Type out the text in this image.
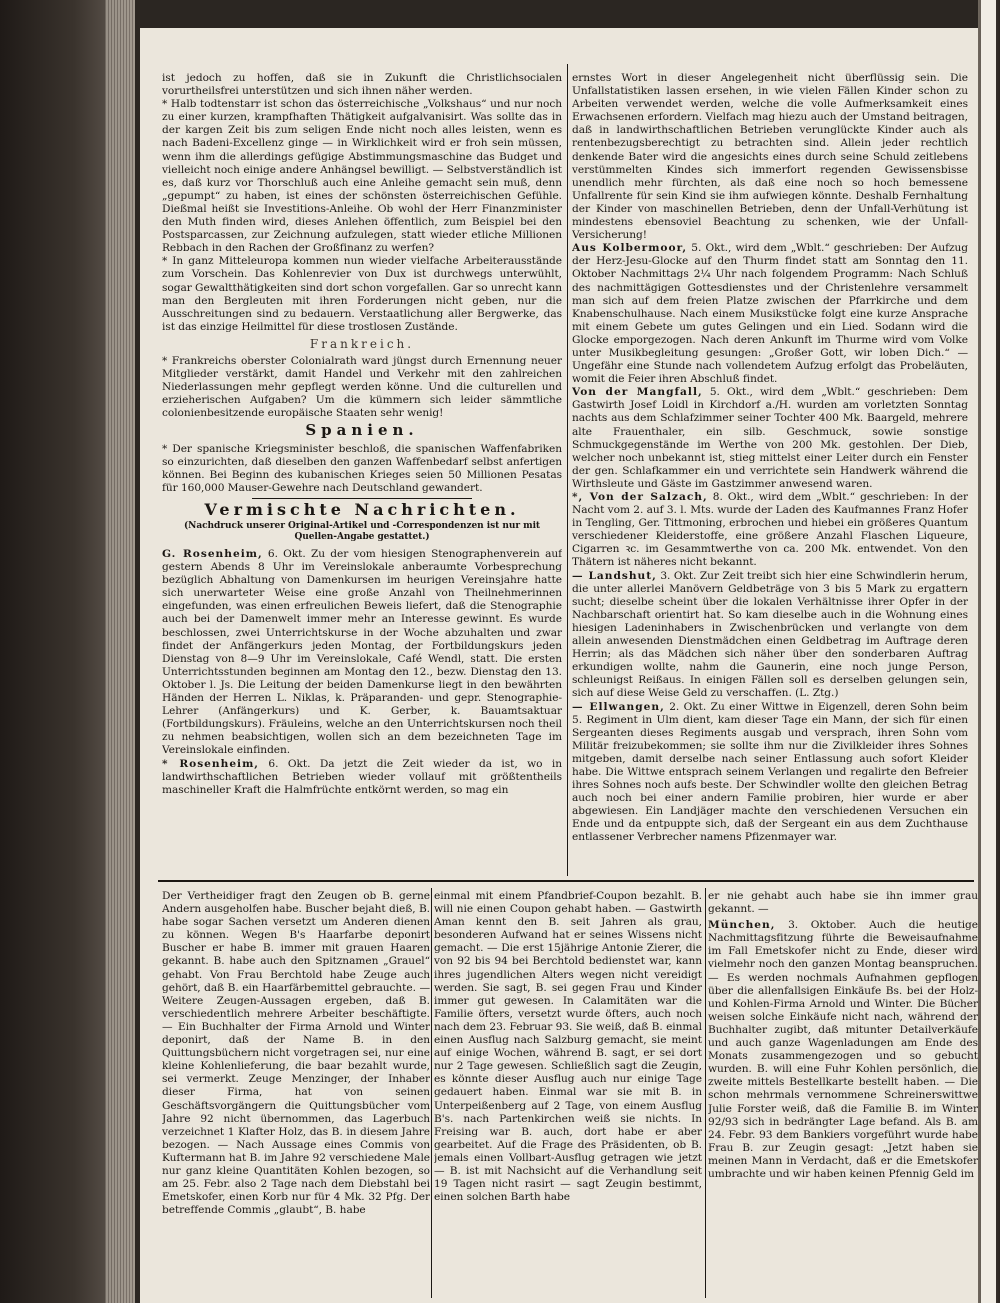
ist jedoch zu hoffen, daß sie in Zukunft die Christlichsocialen vorurtheilsfrei unterstützen und sich ihnen näher werden.

* Halb todtenstarr ist schon das österreichische „Volkshaus“ und nur noch zu einer kurzen, krampfhaften Thätigkeit aufgalvanisirt. Was sollte das in der kargen Zeit bis zum seligen Ende nicht noch alles leisten, wenn es nach Badeni-Excellenz ginge — in Wirklichkeit wird er froh sein müssen, wenn ihm die allerdings gefügige Abstimmungsmaschine das Budget und vielleicht noch einige andere Anhängsel bewilligt. — Selbstverständlich ist es, daß kurz vor Thorschluß auch eine Anleihe gemacht sein muß, denn „gepumpt“ zu haben, ist eines der schönsten österreichischen Gefühle. Dießmal heißt sie Investitions-Anleihe. Ob wohl der Herr Finanzminister den Muth finden wird, dieses Anlehen öffentlich, zum Beispiel bei den Postsparcassen, zur Zeichnung aufzulegen, statt wieder etliche Millionen Rebbach in den Rachen der Großfinanz zu werfen?

* In ganz Mitteleuropa kommen nun wieder vielfache Arbeiterausstände zum Vorschein. Das Kohlenrevier von Dux ist durchwegs unterwühlt, sogar Gewaltthätigkeiten sind dort schon vorgefallen. Gar so unrecht kann man den Bergleuten mit ihren Forderungen nicht geben, nur die Ausschreitungen sind zu bedauern. Verstaatlichung aller Bergwerke, das ist das einzige Heilmittel für diese trostlosen Zustände.

Frankreich.

* Frankreichs oberster Colonialrath ward jüngst durch Ernennung neuer Mitglieder verstärkt, damit Handel und Verkehr mit den zahlreichen Niederlassungen mehr gepflegt werden könne. Und die culturellen und erzieherischen Aufgaben? Um die kümmern sich leider sämmtliche colonienbesitzende europäische Staaten sehr wenig!

Spanien.

* Der spanische Kriegsminister beschloß, die spanischen Waffenfabriken so einzurichten, daß dieselben den ganzen Waffenbedarf selbst anfertigen können. Bei Beginn des kubanischen Krieges seien 50 Millionen Pesatas für 160,000 Mauser-Gewehre nach Deutschland gewandert.

Vermischte Nachrichten.

(Nachdruck unserer Original-Artikel und -Correspondenzen ist nur mit Quellen-Angabe gestattet.)

G. Rosenheim, 6. Okt. Zu der vom hiesigen Stenographenverein auf gestern Abends 8 Uhr im Vereinslokale anberaumte Vorbesprechung bezüglich Abhaltung von Damenkursen im heurigen Vereinsjahre hatte sich unerwarteter Weise eine große Anzahl von Theilnehmerinnen eingefunden, was einen erfreulichen Beweis liefert, daß die Stenographie auch bei der Damenwelt immer mehr an Interesse gewinnt. Es wurde beschlossen, zwei Unterrichtskurse in der Woche abzuhalten und zwar findet der Anfängerkurs jeden Montag, der Fortbildungskurs jeden Dienstag von 8—9 Uhr im Vereinslokale, Café Wendl, statt. Die ersten Unterrichtsstunden beginnen am Montag den 12., bezw. Dienstag den 13. Oktober l. Js. Die Leitung der beiden Damenkurse liegt in den bewährten Händen der Herren L. Niklas, k. Präparanden- und gepr. Stenographie-Lehrer (Anfängerkurs) und K. Gerber, k. Bauamtsaktuar (Fortbildungskurs). Fräuleins, welche an den Unterrichtskursen noch theil zu nehmen beabsichtigen, wollen sich an dem bezeichneten Tage im Vereinslokale einfinden.

* Rosenheim, 6. Okt. Da jetzt die Zeit wieder da ist, wo in landwirthschaftlichen Betrieben wieder vollauf mit größtentheils maschineller Kraft die Halmfrüchte entkörnt werden, so mag ein

ernstes Wort in dieser Angelegenheit nicht überflüssig sein. Die Unfallstatistiken lassen ersehen, in wie vielen Fällen Kinder schon zu Arbeiten verwendet werden, welche die volle Aufmerksamkeit eines Erwachsenen erfordern. Vielfach mag hiezu auch der Umstand beitragen, daß in landwirthschaftlichen Betrieben verunglückte Kinder auch als rentenbezugsberechtigt zu betrachten sind. Allein jeder rechtlich denkende Bater wird die angesichts eines durch seine Schuld zeitlebens verstümmelten Kindes sich immerfort regenden Gewissensbisse unendlich mehr fürchten, als daß eine noch so hoch bemessene Unfallrente für sein Kind sie ihm aufwiegen könnte. Deshalb Fernhaltung der Kinder von maschinellen Betrieben, denn der Unfall-Verhütung ist mindestens ebensoviel Beachtung zu schenken, wie der Unfall-Versicherung!

Aus Kolbermoor, 5. Okt., wird dem „Wblt.“ geschrieben: Der Aufzug der Herz-Jesu-Glocke auf den Thurm findet statt am Sonntag den 11. Oktober Nachmittags 2¼ Uhr nach folgendem Programm: Nach Schluß des nachmittägigen Gottesdienstes und der Christenlehre versammelt man sich auf dem freien Platze zwischen der Pfarrkirche und dem Knabenschulhause. Nach einem Musikstücke folgt eine kurze Ansprache mit einem Gebete um gutes Gelingen und ein Lied. Sodann wird die Glocke emporgezogen. Nach deren Ankunft im Thurme wird vom Volke unter Musikbegleitung gesungen: „Großer Gott, wir loben Dich.“ — Ungefähr eine Stunde nach vollendetem Aufzug erfolgt das Probeläuten, womit die Feier ihren Abschluß findet.

Von der Mangfall, 5. Okt., wird dem „Wblt.“ geschrieben: Dem Gastwirth Josef Loidl in Kirchdorf a./H. wurden am vorletzten Sonntag nachts aus dem Schlafzimmer seiner Tochter 400 Mk. Baargeld, mehrere alte Frauenthaler, ein silb. Geschmuck, sowie sonstige Schmuckgegenstände im Werthe von 200 Mk. gestohlen. Der Dieb, welcher noch unbekannt ist, stieg mittelst einer Leiter durch ein Fenster der gen. Schlafkammer ein und verrichtete sein Handwerk während die Wirthsleute und Gäste im Gastzimmer anwesend waren.

*, Von der Salzach, 8. Okt., wird dem „Wblt.“ geschrieben: In der Nacht vom 2. auf 3. l. Mts. wurde der Laden des Kaufmannes Franz Hofer in Tengling, Ger. Tittmoning, erbrochen und hiebei ein größeres Quantum verschiedener Kleiderstoffe, eine größere Anzahl Flaschen Liqueure, Cigarren ꝛc. im Gesammtwerthe von ca. 200 Mk. entwendet. Von den Thätern ist näheres nicht bekannt.

— Landshut, 3. Okt. Zur Zeit treibt sich hier eine Schwindlerin herum, die unter allerlei Manövern Geldbeträge von 3 bis 5 Mark zu ergattern sucht; dieselbe scheint über die lokalen Verhältnisse ihrer Opfer in der Nachbarschaft orientirt hat. So kam dieselbe auch in die Wohnung eines hiesigen Ladeninhabers in Zwischenbrücken und verlangte von dem allein anwesenden Dienstmädchen einen Geldbetrag im Auftrage deren Herrin; als das Mädchen sich näher über den sonderbaren Auftrag erkundigen wollte, nahm die Gaunerin, eine noch junge Person, schleunigst Reißaus. In einigen Fällen soll es derselben gelungen sein, sich auf diese Weise Geld zu verschaffen. (L. Ztg.)

— Ellwangen, 2. Okt. Zu einer Wittwe in Eigenzell, deren Sohn beim 5. Regiment in Ulm dient, kam dieser Tage ein Mann, der sich für einen Sergeanten dieses Regiments ausgab und versprach, ihren Sohn vom Militär freizubekommen; sie sollte ihm nur die Zivilkleider ihres Sohnes mitgeben, damit derselbe nach seiner Entlassung auch sofort Kleider habe. Die Wittwe entsprach seinem Verlangen und regalirte den Befreier ihres Sohnes noch aufs beste. Der Schwindler wollte den gleichen Betrag auch noch bei einer andern Familie probiren, hier wurde er aber abgewiesen. Ein Landjäger machte den verschiedenen Versuchen ein Ende und da entpuppte sich, daß der Sergeant ein aus dem Zuchthause entlassener Verbrecher namens Pfizenmayer war.

Der Vertheidiger fragt den Zeugen ob B. gerne Andern ausgeholfen habe. Buscher bejaht dieß, B. habe sogar Sachen versetzt um Anderen dienen zu können. Wegen B's Haarfarbe deponirt Buscher er habe B. immer mit grauen Haaren gekannt. B. habe auch den Spitznamen „Grauel“ gehabt. Von Frau Berchtold habe Zeuge auch gehört, daß B. ein Haarfärbemittel gebrauchte. — Weitere Zeugen-Aussagen ergeben, daß B. verschiedentlich mehrere Arbeiter beschäftigte. — Ein Buchhalter der Firma Arnold und Winter deponirt, daß der Name B. in den Quittungsbüchern nicht vorgetragen sei, nur eine kleine Kohlenlieferung, die baar bezahlt wurde, sei vermerkt. Zeuge Menzinger, der Inhaber dieser Firma, hat von seinen Geschäftsvorgängern die Quittungsbücher vom Jahre 92 nicht übernommen, das Lagerbuch verzeichnet 1 Klafter Holz, das B. in diesem Jahre bezogen. — Nach Aussage eines Commis von Kuftermann hat B. im Jahre 92 verschiedene Male nur ganz kleine Quantitäten Kohlen bezogen, so am 25. Febr. also 2 Tage nach dem Diebstahl bei Emetskofer, einen Korb nur für 4 Mk. 32 Pfg. Der betreffende Commis „glaubt“, B. habe

einmal mit einem Pfandbrief-Coupon bezahlt. B. will nie einen Coupon gehabt haben. — Gastwirth Aman kennt den B. seit Jahren als grau, besonderen Aufwand hat er seines Wissens nicht gemacht. — Die erst 15jährige Antonie Zierer, die von 92 bis 94 bei Berchtold bedienstet war, kann ihres jugendlichen Alters wegen nicht vereidigt werden. Sie sagt, B. sei gegen Frau und Kinder immer gut gewesen. In Calamitäten war die Familie öfters, versetzt wurde öfters, auch noch nach dem 23. Februar 93. Sie weiß, daß B. einmal einen Ausflug nach Salzburg gemacht, sie meint auf einige Wochen, während B. sagt, er sei dort nur 2 Tage gewesen. Schließlich sagt die Zeugin, es könnte dieser Ausflug auch nur einige Tage gedauert haben. Einmal war sie mit B. in Unterpeißenberg auf 2 Tage, von einem Ausflug B's. nach Partenkirchen weiß sie nichts. In Freising war B. auch, dort habe er aber gearbeitet. Auf die Frage des Präsidenten, ob B. jemals einen Vollbart-Ausflug getragen wie jetzt — B. ist mit Nachsicht auf die Verhandlung seit 19 Tagen nicht rasirt — sagt Zeugin bestimmt, einen solchen Barth habe

er nie gehabt auch habe sie ihn immer grau gekannt. —

München, 3. Oktober. Auch die heutige Nachmittagsfitzung führte die Beweisaufnahme im Fall Emetskofer nicht zu Ende, dieser wird vielmehr noch den ganzen Montag beanspruchen. — Es werden nochmals Aufnahmen gepflogen über die allenfallsigen Einkäufe Bs. bei der Holz- und Kohlen-Firma Arnold und Winter. Die Bücher weisen solche Einkäufe nicht nach, während der Buchhalter zugibt, daß mitunter Detailverkäufe und auch ganze Wagenladungen am Ende des Monats zusammengezogen und so gebucht wurden. B. will eine Fuhr Kohlen persönlich, die zweite mittels Bestellkarte bestellt haben. — Die schon mehrmals vernommene Schreinerswittwe Julie Forster weiß, daß die Familie B. im Winter 92/93 sich in bedrängter Lage befand. Als B. am 24. Febr. 93 dem Bankiers vorgeführt wurde habe Frau B. zur Zeugin gesagt: „Jetzt haben sie meinen Mann in Verdacht, daß er die Emetskofer umbrachte und wir haben keinen Pfennig Geld im
